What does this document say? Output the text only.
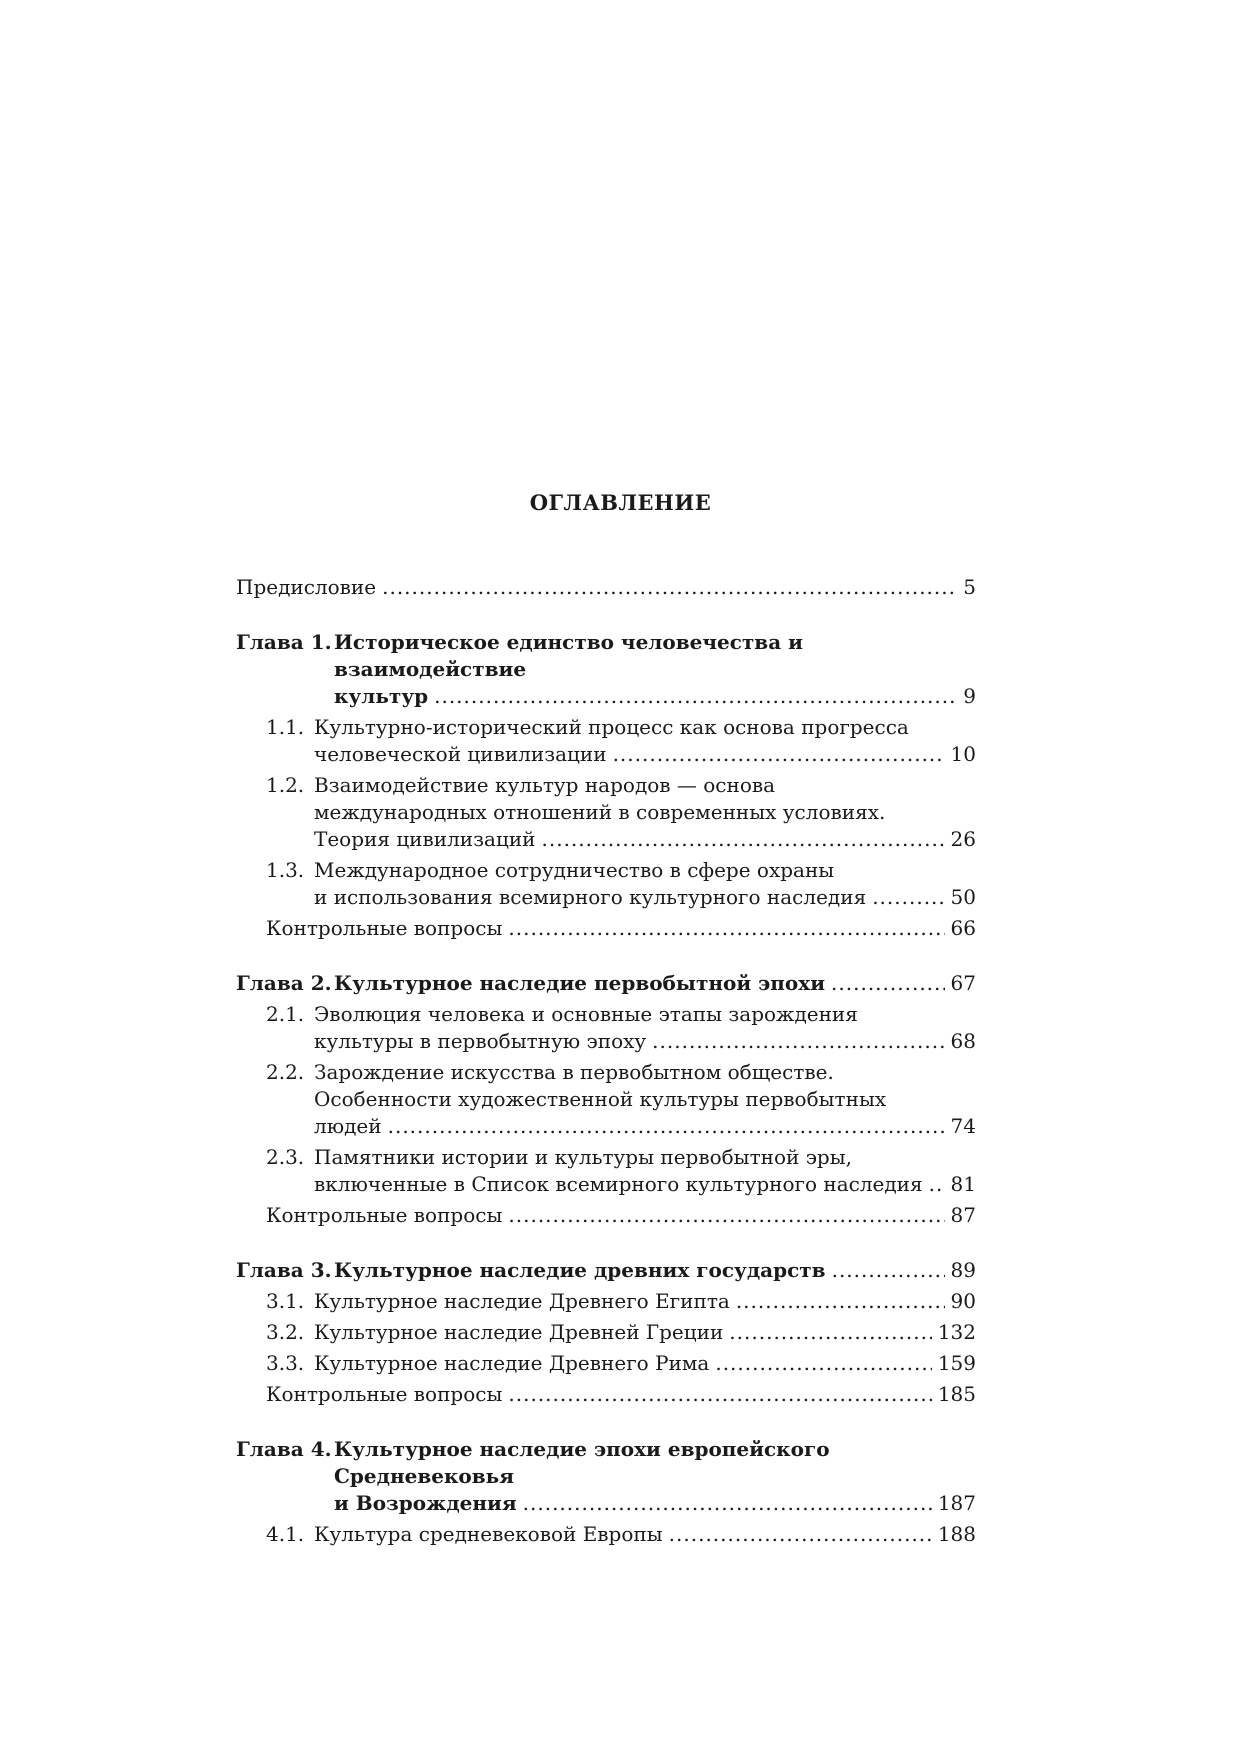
ОГЛАВЛЕНИЕ
Предисловие .....	5
Глава 1. Историческое единство человечества и взаимодействие
культур .....	9
1.1. Культурно-исторический процесс как основа прогресса
человеческой цивилизации .....	10
1.2. Взаимодействие культур народов — основа
международных отношений в современных условиях.
Теория цивилизаций .....	26
1.3. Международное сотрудничество в сфере охраны
и использования всемирного культурного наследия .....	50
Контрольные вопросы .....	66
Глава 2. Культурное наследие первобытной эпохи .....	67
2.1. Эволюция человека и основные этапы зарождения
культуры в первобытную эпоху .....	68
2.2. Зарождение искусства в первобытном обществе.
Особенности художественной культуры первобытных
людей .....	74
2.3. Памятники истории и культуры первобытной эры,
включенные в Список всемирного культурного наследия ..... 81
Контрольные вопросы .....	87
Глава 3. Культурное наследие древних государств .....	89
3.1. Культурное наследие Древнего Египта .....	90
3.2. Культурное наследие Древней Греции .....	132
3.3. Культурное наследие Древнего Рима .....	159
Контрольные вопросы .....	185
Глава 4. Культурное наследие эпохи европейского Средневековья
и Возрождения .....	187
4.1. Культура средневековой Европы .....	188
